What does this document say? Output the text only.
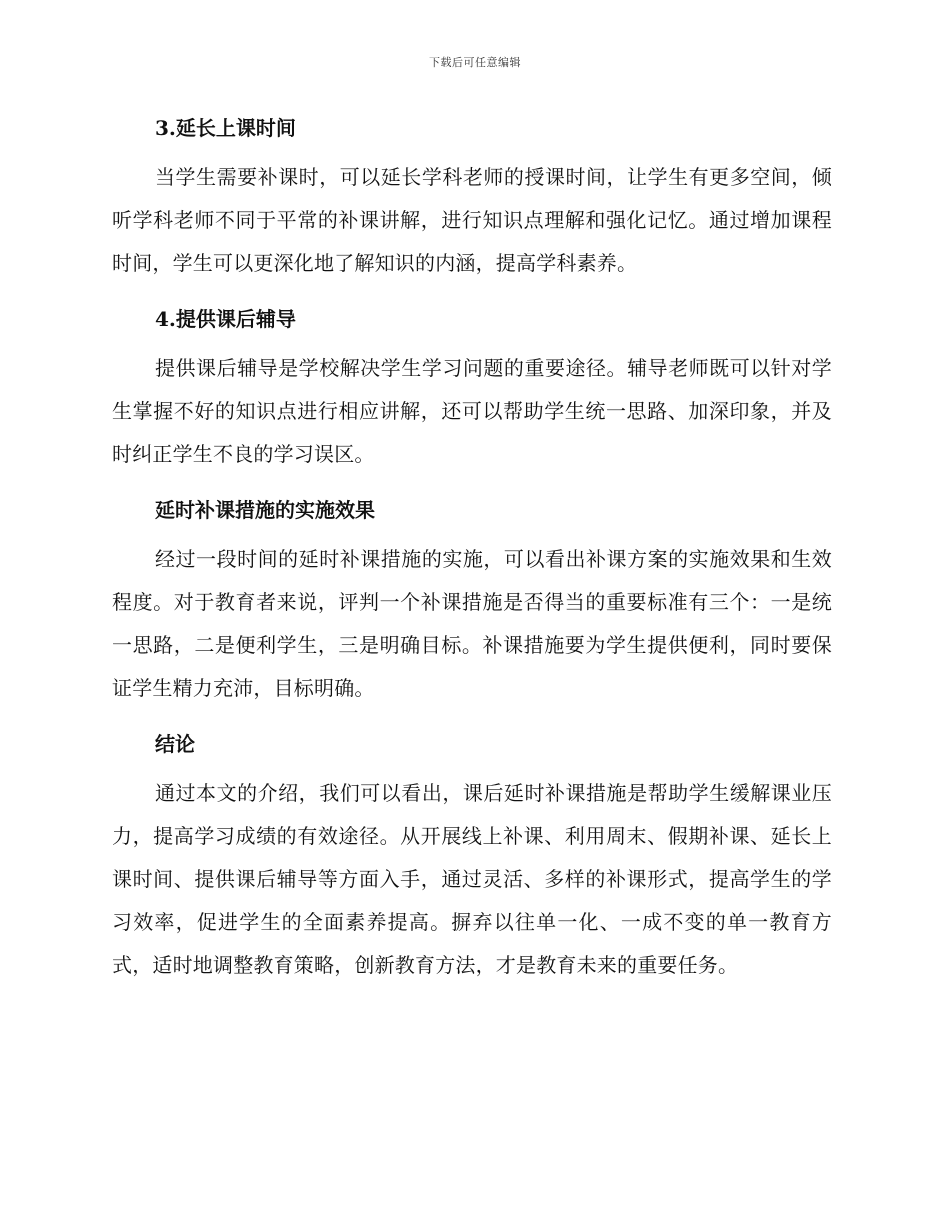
下载后可任意编辑
3.延长上课时间

当学生需要补课时，可以延长学科老师的授课时间，让学生有更多空间，倾听学科老师不同于平常的补课讲解，进行知识点理解和强化记忆。通过增加课程时间，学生可以更深化地了解知识的内涵，提高学科素养。

4.提供课后辅导

提供课后辅导是学校解决学生学习问题的重要途径。辅导老师既可以针对学生掌握不好的知识点进行相应讲解，还可以帮助学生统一思路、加深印象，并及时纠正学生不良的学习误区。

延时补课措施的实施效果

经过一段时间的延时补课措施的实施，可以看出补课方案的实施效果和生效程度。对于教育者来说，评判一个补课措施是否得当的重要标准有三个：一是统一思路，二是便利学生，三是明确目标。补课措施要为学生提供便利，同时要保证学生精力充沛，目标明确。

结论

通过本文的介绍，我们可以看出，课后延时补课措施是帮助学生缓解课业压力，提高学习成绩的有效途径。从开展线上补课、利用周末、假期补课、延长上课时间、提供课后辅导等方面入手，通过灵活、多样的补课形式，提高学生的学习效率，促进学生的全面素养提高。摒弃以往单一化、一成不变的单一教育方式，适时地调整教育策略，创新教育方法，才是教育未来的重要任务。
